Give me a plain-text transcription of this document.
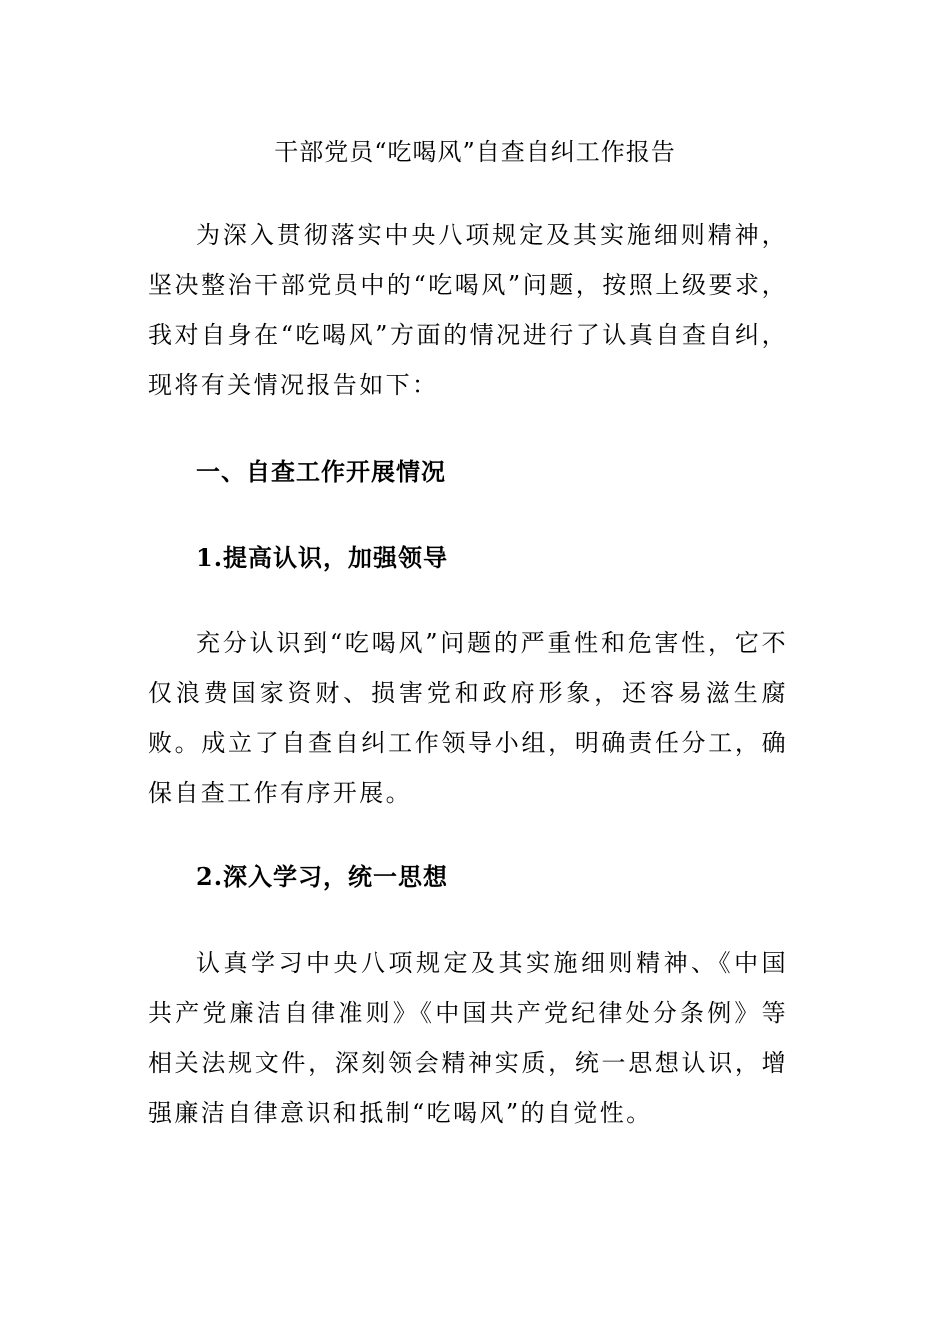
干部党员“吃喝风”自查自纠工作报告

为深入贯彻落实中央八项规定及其实施细则精神，坚决整治干部党员中的“吃喝风”问题，按照上级要求，我对自身在“吃喝风”方面的情况进行了认真自查自纠，现将有关情况报告如下：

一、自查工作开展情况
1.提高认识，加强领导

充分认识到“吃喝风”问题的严重性和危害性，它不仅浪费国家资财、损害党和政府形象，还容易滋生腐败。成立了自查自纠工作领导小组，明确责任分工，确保自查工作有序开展。

2.深入学习，统一思想

认真学习中央八项规定及其实施细则精神、《中国共产党廉洁自律准则》《中国共产党纪律处分条例》等相关法规文件，深刻领会精神实质，统一思想认识，增强廉洁自律意识和抵制“吃喝风”的自觉性。
